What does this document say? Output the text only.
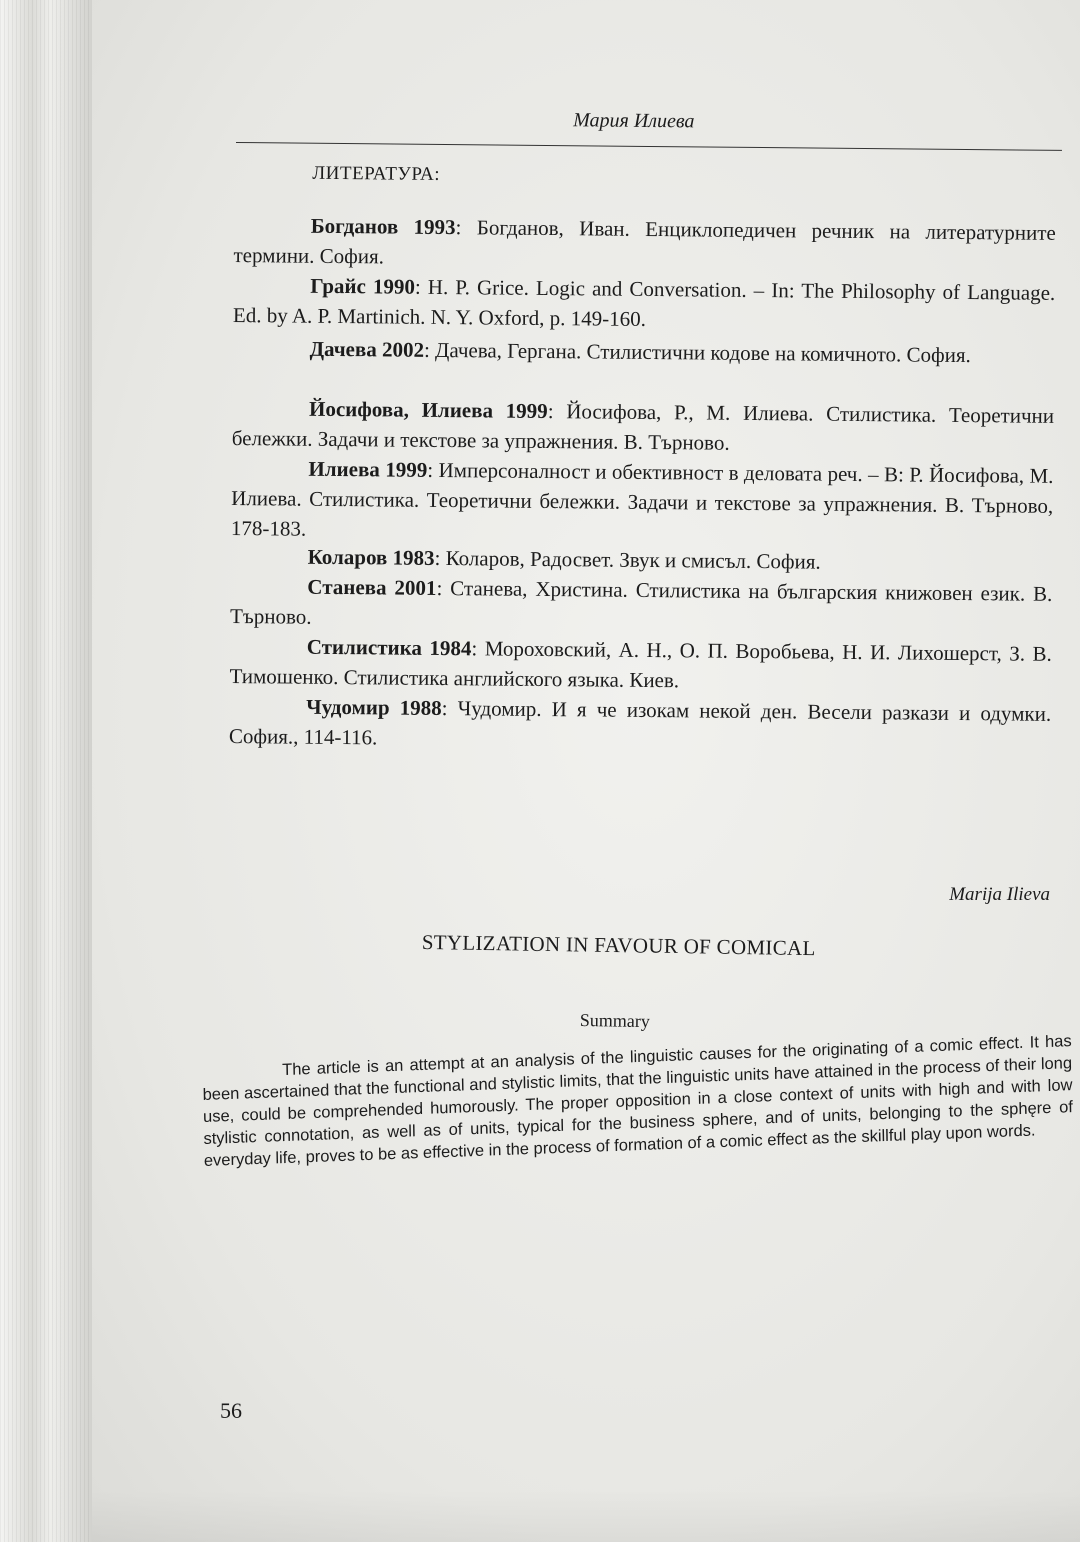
Мария Илиева
ЛИТЕРАТУРА:

Богданов 1993: Богданов, Иван. Енциклопедичен речник на литературните термини. София.

Грайс 1990: H. P. Grice. Logic and Conversation. – In: The Philosophy of Language. Ed. by A. P. Martinich. N. Y. Oxford, p. 149-160.

Дачева 2002: Дачева, Гергана. Стилистични кодове на комичното. София.

Йосифова, Илиева 1999: Йосифова, Р., М. Илиева. Стилистика. Теоретични бележки. Задачи и текстове за упражнения. В. Търново.

Илиева 1999: Имперсоналност и обективност в деловата реч. – В: Р. Йосифова, М. Илиева. Стилистика. Теоретични бележки. Задачи и текстове за упражнения. В. Търново, 178-183.

Коларов 1983: Коларов, Радосвет. Звук и смисъл. София.

Станева 2001: Станева, Христина. Стилистика на българския книжовен език. В. Търново.

Стилистика 1984: Мороховский, А. Н., О. П. Воробьева, Н. И. Лихошерст, З. В. Тимошенко. Стилистика английского языка. Киев.

Чудомир 1988: Чудомир. И я че изокам некой ден. Весели разкази и одумки. София., 114-116.

Marija Ilieva
STYLIZATION IN FAVOUR OF COMICAL
Summary

The article is an attempt at an analysis of the linguistic causes for the originating of a comic effect. It has been ascertained that the functional and stylistic limits, that the linguistic units have attained in the process of their long use, could be comprehended humorously. The proper opposition in a close context of units with high and with low stylistic connotation, as well as of units, typical for the business sphere, and of units, belonging to the sphęre of everyday life, proves to be as effective in the process of formation of a comic effect as the skillful play upon words.

56
